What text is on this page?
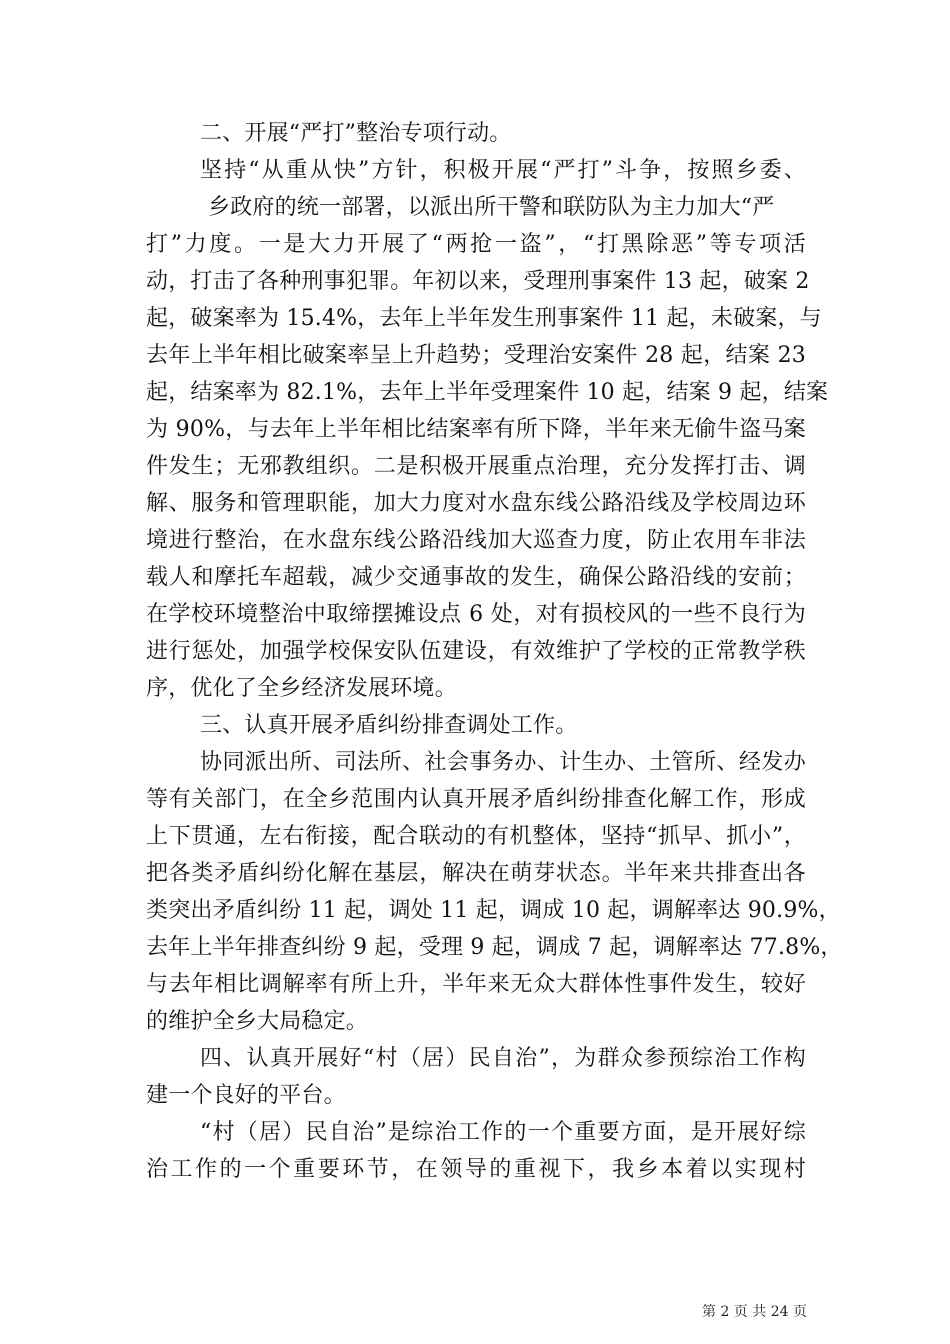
二、开展“严打”整治专项行动。
坚持“从重从快”方针，积极开展“严打”斗争，按照乡委、
乡政府的统一部署，以派出所干警和联防队为主力加大“严
打”力度。一是大力开展了“两抢一盗”，“打黑除恶”等专项活
动，打击了各种刑事犯罪。年初以来，受理刑事案件 13 起，破案 2
起，破案率为 15.4%，去年上半年发生刑事案件 11 起，未破案，与
去年上半年相比破案率呈上升趋势；受理治安案件 28 起，结案 23
起，结案率为 82.1%，去年上半年受理案件 10 起，结案 9 起，结案
为 90%，与去年上半年相比结案率有所下降，半年来无偷牛盗马案
件发生；无邪教组织。二是积极开展重点治理，充分发挥打击、调
解、服务和管理职能，加大力度对水盘东线公路沿线及学校周边环
境进行整治，在水盘东线公路沿线加大巡查力度，防止农用车非法
载人和摩托车超载，减少交通事故的发生，确保公路沿线的安前；
在学校环境整治中取缔摆摊设点 6 处，对有损校风的一些不良行为
进行惩处，加强学校保安队伍建设，有效维护了学校的正常教学秩
序，优化了全乡经济发展环境。
三、认真开展矛盾纠纷排查调处工作。
协同派出所、司法所、社会事务办、计生办、土管所、经发办
等有关部门，在全乡范围内认真开展矛盾纠纷排查化解工作，形成
上下贯通，左右衔接，配合联动的有机整体，坚持“抓早、抓小”，
把各类矛盾纠纷化解在基层，解决在萌芽状态。半年来共排查出各
类突出矛盾纠纷 11 起，调处 11 起，调成 10 起，调解率达 90.9%，
去年上半年排查纠纷 9 起，受理 9 起，调成 7 起，调解率达 77.8%，
与去年相比调解率有所上升，半年来无众大群体性事件发生，较好
的维护全乡大局稳定。
四、认真开展好“村（居）民自治”，为群众参预综治工作构
建一个良好的平台。
“村（居）民自治”是综治工作的一个重要方面，是开展好综
治工作的一个重要环节，在领导的重视下，我乡本着以实现村
第 2 页 共 24 页
